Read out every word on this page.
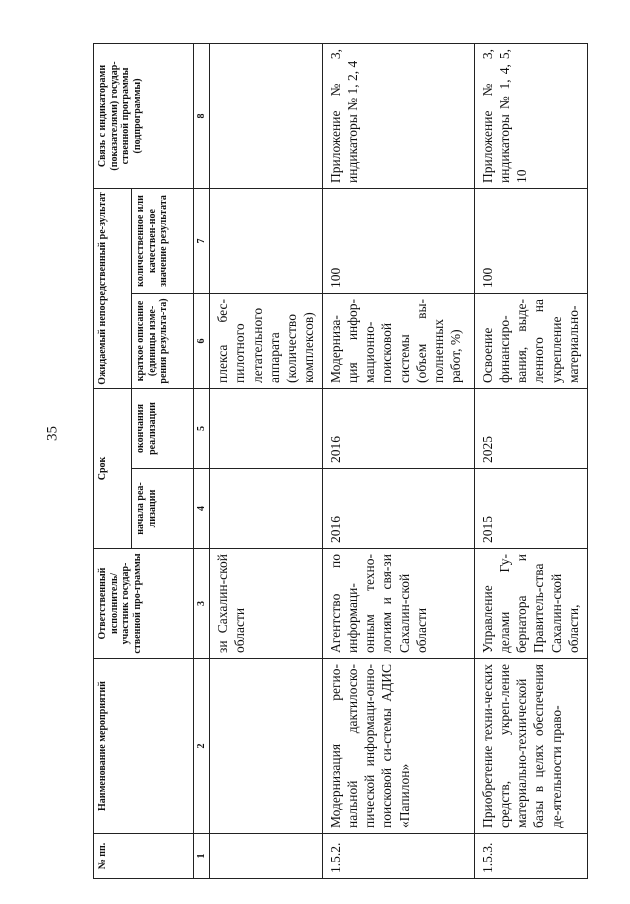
35
№ пп.	Наименование мероприятий	Ответственный исполнитель/ участник государ-ственной про-граммы	Срок		Ожидаемый непосредственный ре-зультат		Связь с индикаторами (показателями) государ-ственной программы (подпрограммы)
			начала реа-лизации	окончания реализации	краткое описание (единицы изме-рения результа-та)	количественное или качествен-ное значение результата	
1	2	3	4	5	6	7	8
		зи Сахалин-ской области			плекса бес-пилотного летательного аппарата (количество комплексов)		
1.5.2.	Модернизация регио-нальной дактилоско-пической информаци-онно-поисковой си-стемы АДИС «Папилон»	Агентство по информаци-онным техно-логиям и свя-зи Сахалин-ской области	2016	2016	Модерниза-ция инфор-мационно-поисковой системы (объем вы-полненных работ, %)	100	Приложение № 3, индикаторы № 1, 2, 4
1.5.3.	Приобретение техни-ческих средств, укреп-ление материально-технической базы в целях обеспечения де-ятельности право-	Управление делами Гу-бернатора и Правитель-ства Сахалин-ской области,	2015	2025	Освоение финансиро-вания, выде-ленного на укрепление материально-	100	Приложение № 3, индикаторы № 1, 4, 5, 10
